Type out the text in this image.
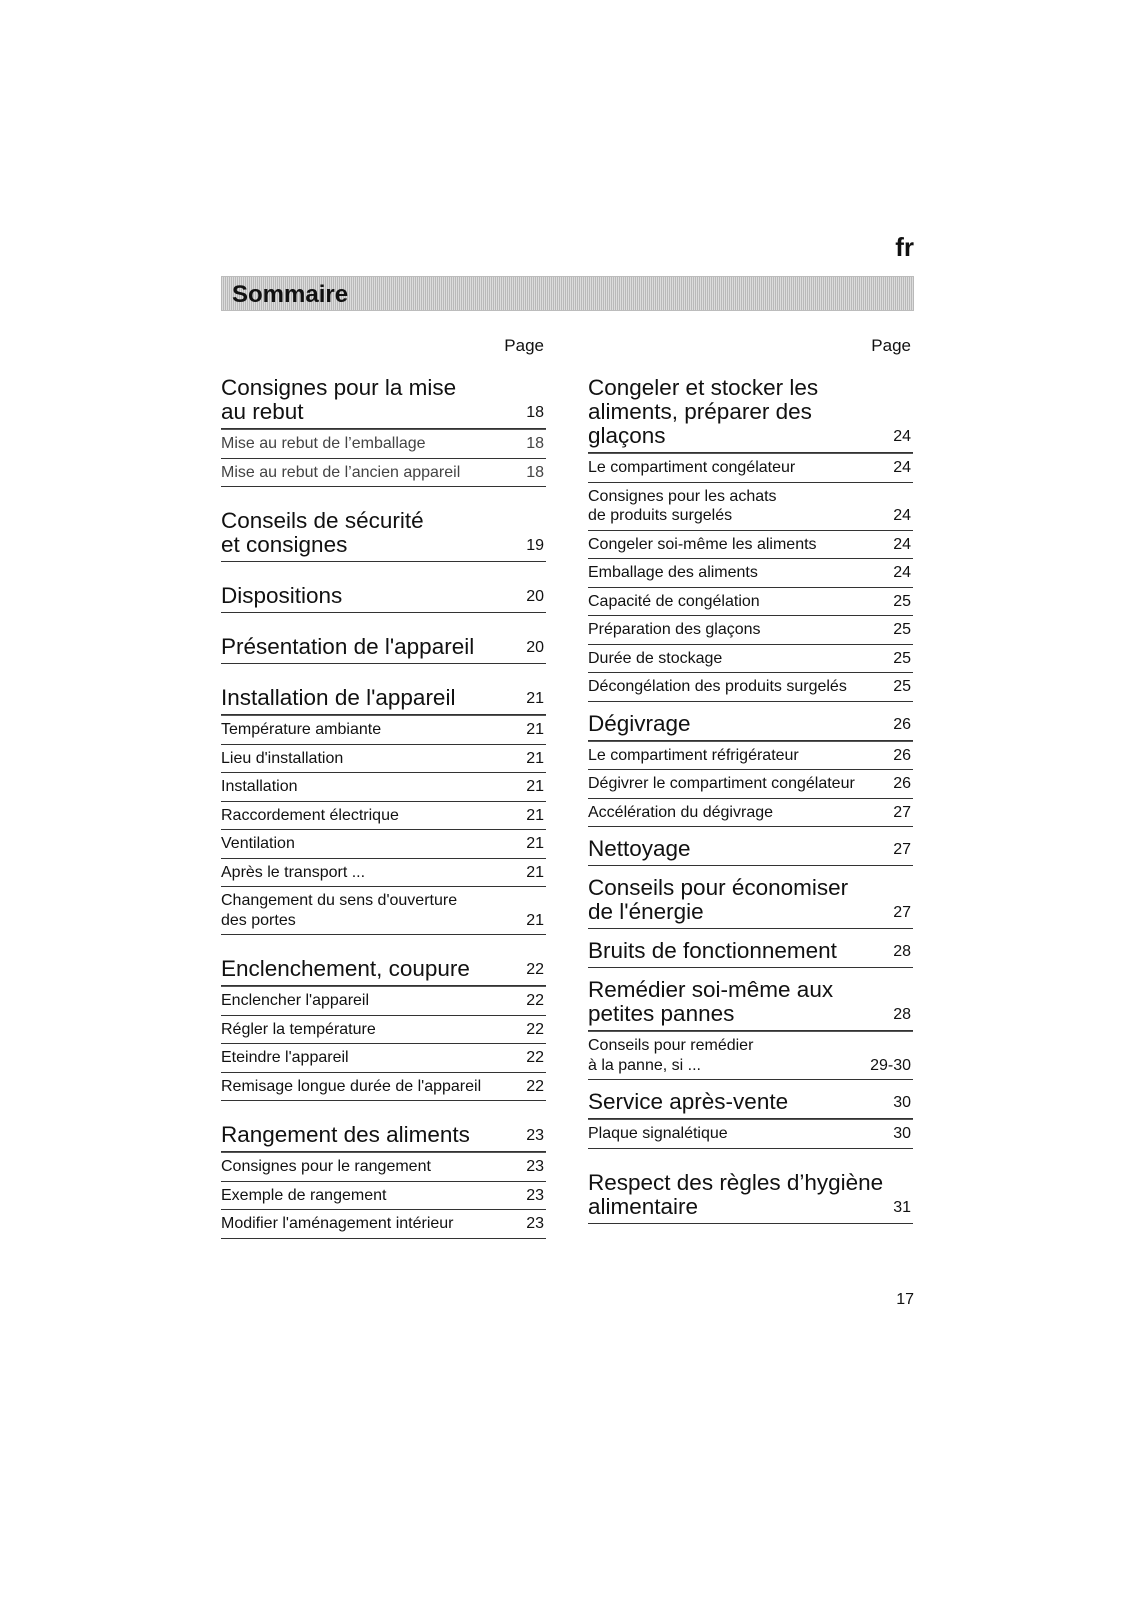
fr
Sommaire
Page
Consignes pour la mise
au rebut	18
Mise au rebut de l’emballage	18
Mise au rebut de l’ancien appareil	18
Conseils de sécurité
et consignes	19
Dispositions	20
Présentation de l'appareil	20
Installation de l'appareil	21
Température ambiante	21
Lieu d'installation	21
Installation	21
Raccordement électrique	21
Ventilation	21
Après le transport ...	21
Changement du sens d'ouverture
des portes	21
Enclenchement, coupure	22
Enclencher l'appareil	22
Régler la température	22
Eteindre l'appareil	22
Remisage longue durée de l'appareil	22
Rangement des aliments	23
Consignes pour le rangement	23
Exemple de rangement	23
Modifier l'aménagement intérieur	23
Page
Congeler et stocker les
aliments, préparer des
glaçons	24
Le compartiment congélateur	24
Consignes pour les achats
de produits surgelés	24
Congeler soi-même les aliments	24
Emballage des aliments	24
Capacité de congélation	25
Préparation des glaçons	25
Durée de stockage	25
Décongélation des produits surgelés	25
Dégivrage	26
Le compartiment réfrigérateur	26
Dégivrer le compartiment congélateur	26
Accélération du dégivrage	27
Nettoyage	27
Conseils pour économiser
de l'énergie	27
Bruits de fonctionnement	28
Remédier soi-même aux
petites pannes	28
Conseils pour remédier
à la panne, si ...	29-30
Service après-vente	30
Plaque signalétique	30
Respect des règles d’hygiène
alimentaire	31
17
